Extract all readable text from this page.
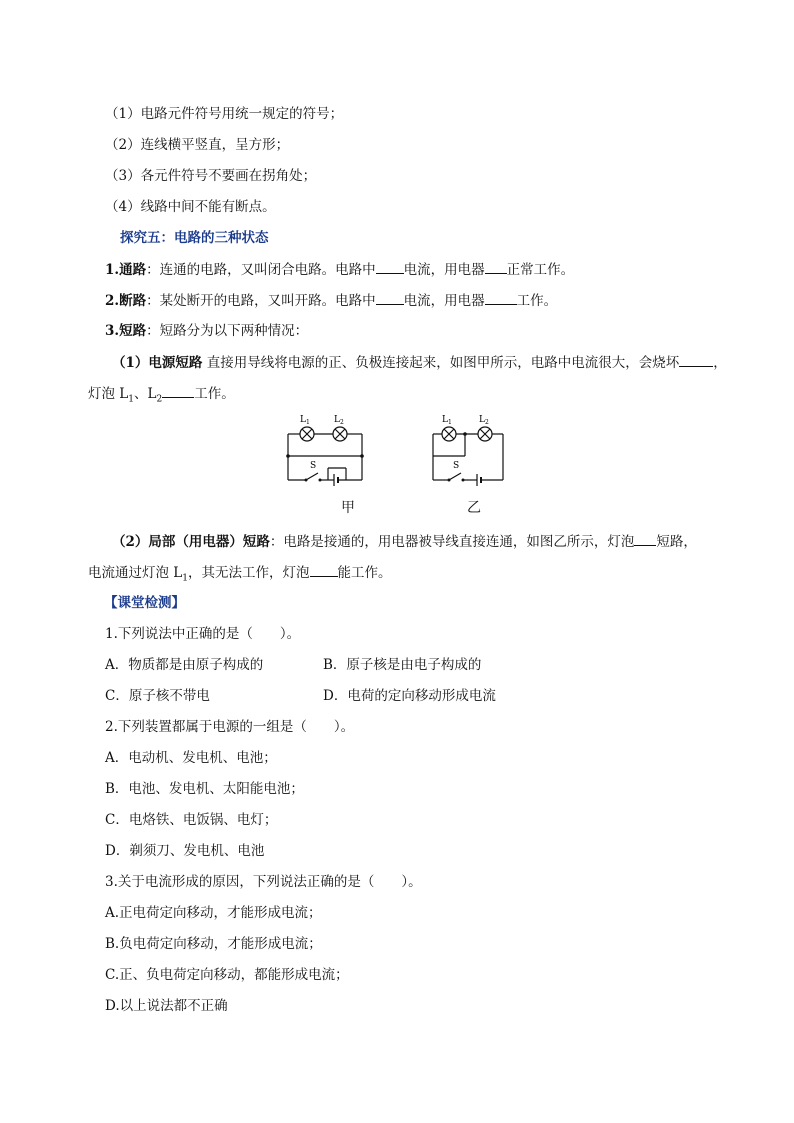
（1）电路元件符号用统一规定的符号；
（2）连线横平竖直，呈方形；
（3）各元件符号不要画在拐角处；
（4）线路中间不能有断点。
探究五：电路的三种状态
1.通路：连通的电路，又叫闭合电路。电路中 电流，用电器 正常工作。
2.断路：某处断开的电路，又叫开路。电路中 电流，用电器 工作。
3.短路：短路分为以下两种情况：
（1）电源短路 直接用导线将电源的正、负极连接起来，如图甲所示，电路中电流很大，会烧坏	，
灯泡 $L_1$、$L_2$ 工作。
$L_1$	$L_2$
S
甲
$L_1$	$L_2$
S
乙
（2）局部（用电器）短路：电路是接通的，用电器被导线直接连通，如图乙所示，灯泡 短路，
电流通过灯泡 $L_1$，其无法工作，灯泡 能工作。
【课堂检测】
1.下列说法中正确的是（　　）。
A．物质都是由原子构成的	B．原子核是由电子构成的
C．原子核不带电	D．电荷的定向移动形成电流
2.下列装置都属于电源的一组是（　　）。
A．电动机、发电机、电池；
B．电池、发电机、太阳能电池；
C．电烙铁、电饭锅、电灯；
D．剃须刀、发电机、电池
3.关于电流形成的原因，下列说法正确的是（　　）。
A.正电荷定向移动，才能形成电流；
B.负电荷定向移动，才能形成电流；
C.正、负电荷定向移动，都能形成电流；
D.以上说法都不正确
